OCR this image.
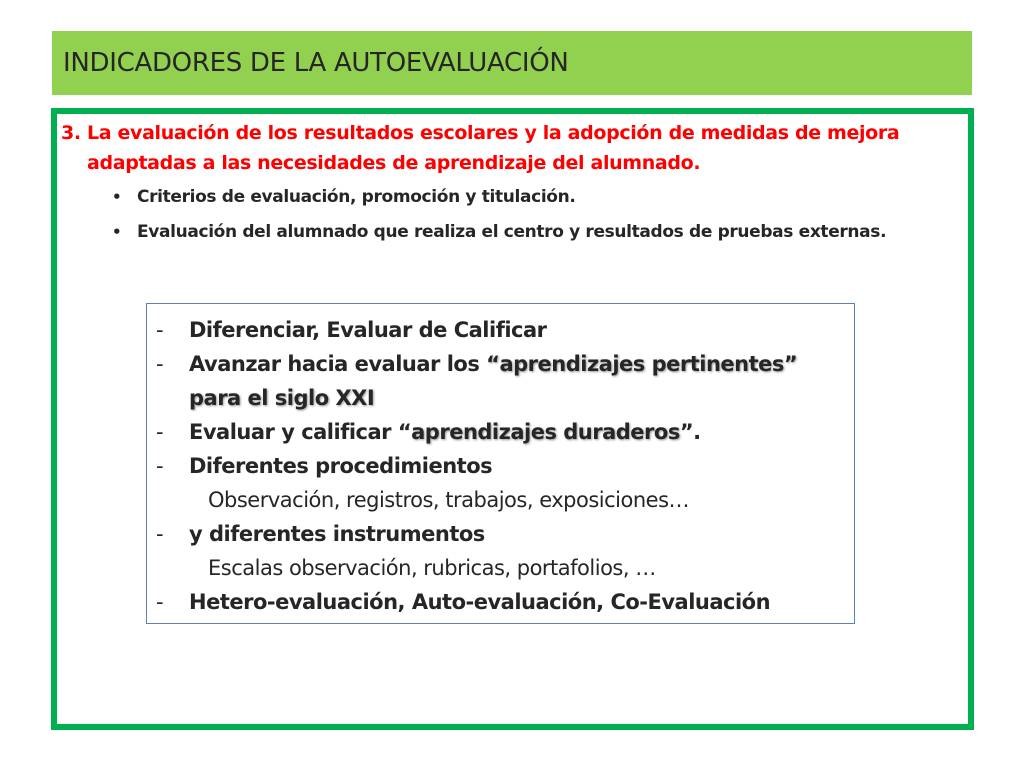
INDICADORES DE LA AUTOEVALUACIÓN

3. La evaluación de los resultados escolares y la adopción de medidas de mejora adaptadas a las necesidades de aprendizaje del alumnado.

• Criterios de evaluación, promoción y titulación.
• Evaluación del alumnado que realiza el centro y resultados de pruebas externas.
- Diferenciar, Evaluar de Calificar
- Avanzar hacia evaluar los “aprendizajes pertinentes” para el siglo XXI
- Evaluar y calificar “aprendizajes duraderos”.
- Diferentes procedimientos
Observación, registros, trabajos, exposiciones…
- y diferentes instrumentos
Escalas observación, rubricas, portafolios, …
- Hetero-evaluación, Auto-evaluación, Co-Evaluación
